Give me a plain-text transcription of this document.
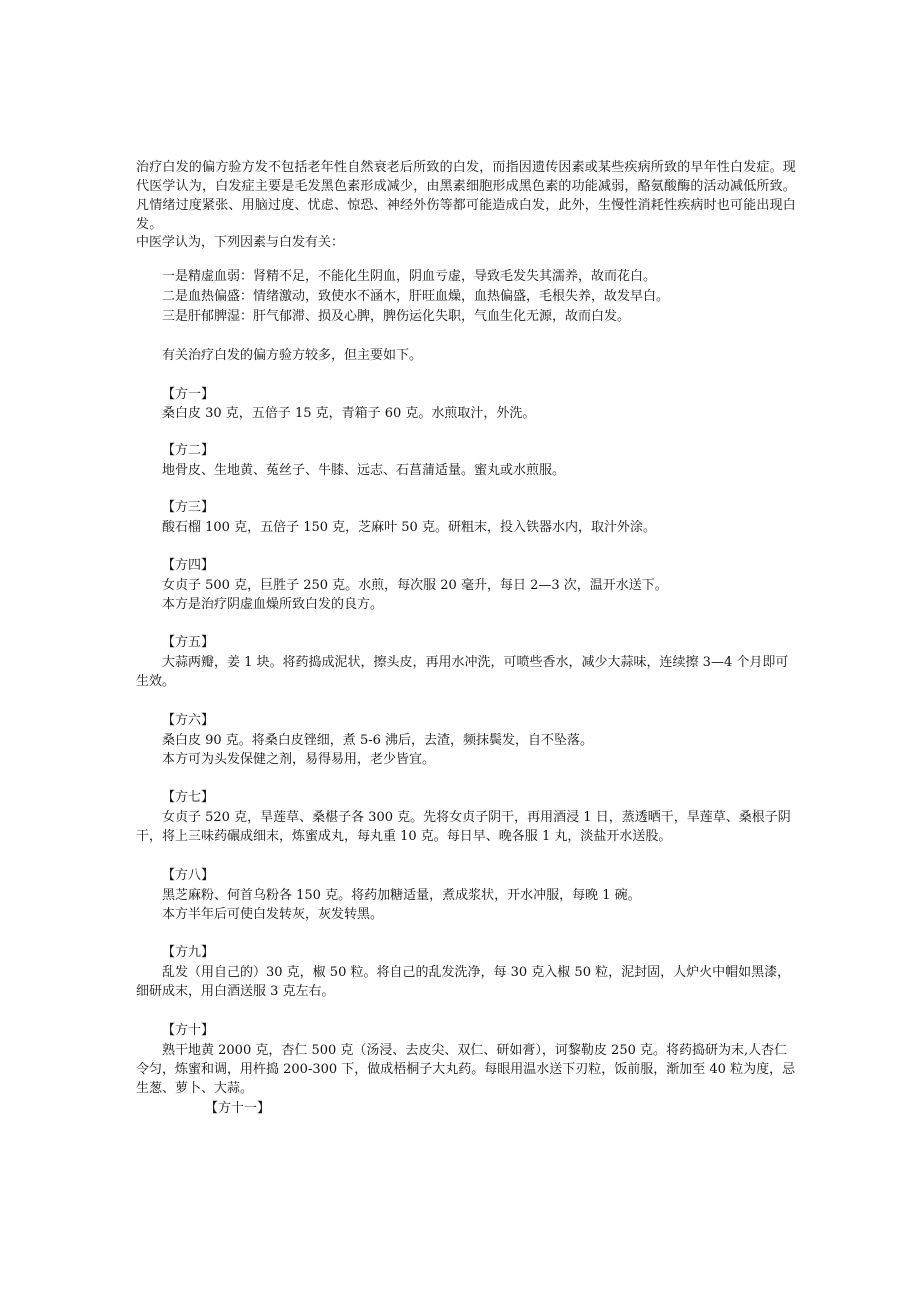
治疗白发的偏方验方发不包括老年性自然衰老后所致的白发，而指因遗传因素或某些疾病所致的早年性白发症。现代医学认为，白发症主要是毛发黑色素形成减少，由黑素细胞形成黑色素的功能减弱，酪氨酸酶的活动减低所致。凡情绪过度紧张、用脑过度、忧虑、惊恐、神经外伤等都可能造成白发，此外，生慢性消耗性疾病时也可能出现白发。

中医学认为，下列因素与白发有关：
一是精虚血弱：肾精不足，不能化生阴血，阴血亏虚，导致毛发失其濡养，故而花白。
二是血热偏盛：情绪激动，致使水不涵木，肝旺血燥，血热偏盛，毛根失养，故发早白。
三是肝郁脾湿：肝气郁滞、损及心脾，脾伤运化失职，气血生化无源，故而白发。
有关治疗白发的偏方验方较多，但主要如下。
【方一】
桑白皮 30 克，五倍子 15 克，青箱子 60 克。水煎取汁，外洗。
【方二】
地骨皮、生地黄、菟丝子、牛膝、远志、石菖蒲适量。蜜丸或水煎服。
【方三】
酸石榴 100 克，五倍子 150 克，芝麻叶 50 克。研粗末，投入铁器水内，取汁外涂。
【方四】
女贞子 500 克，巨胜子 250 克。水煎，每次服 20 毫升，每日 2—3 次，温开水送下。
本方是治疗阴虚血燥所致白发的良方。
【方五】
大蒜两瓣，姜 1 块。将药捣成泥状，擦头皮，再用水冲洗，可喷些香水，减少大蒜味，连续擦 3—4 个月即可生效。
【方六】
桑白皮 90 克。将桑白皮锉细，煮 5-6 沸后，去渣，频抹鬓发，自不坠落。
本方可为头发保健之剂，易得易用，老少皆宜。
【方七】
女贞子 520 克，旱莲草、桑椹子各 300 克。先将女贞子阴干，再用酒浸 1 日，蒸透晒干，旱莲草、桑根子阴干，将上三味药碾成细末，炼蜜成丸，每丸重 10 克。每日早、晚各服 1 丸，淡盐开水送股。
【方八】
黑芝麻粉、何首乌粉各 150 克。将药加糖适量，煮成浆状，开水冲服，每晚 1 碗。
本方半年后可使白发转灰，灰发转黑。
【方九】
乱发（用自己的）30 克，椒 50 粒。将自己的乱发洗净，每 30 克入椒 50 粒，泥封固，人炉火中帽如黑漆，细研成末，用白酒送服 3 克左右。
【方十】
熟干地黄 2000 克，杏仁 500 克（汤浸、去皮尖、双仁、研如膏），诃黎勒皮 250 克。将药捣研为末,人杏仁令匀，炼蜜和调，用杵捣 200-300 下，做成梧桐子大丸药。每眼用温水送下刃粒，饭前服，渐加至 40 粒为度，忌生葱、萝卜、大蒜。
【方十一】
